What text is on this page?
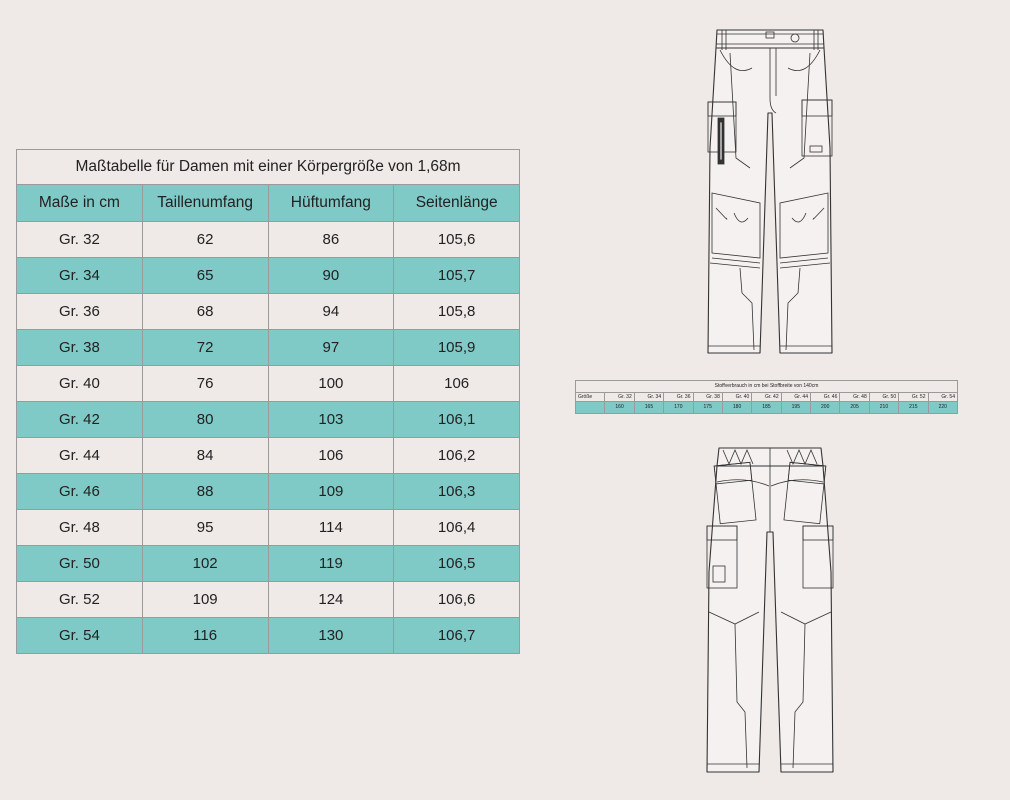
Maßtabelle für Damen mit einer Körpergröße von 1,68m			
Maße in cm	Taillenumfang	Hüftumfang	Seitenlänge
Gr. 32	62	86	105,6
Gr. 34	65	90	105,7
Gr. 36	68	94	105,8
Gr. 38	72	97	105,9
Gr. 40	76	100	106
Gr. 42	80	103	106,1
Gr. 44	84	106	106,2
Gr. 46	88	109	106,3
Gr. 48	95	114	106,4
Gr. 50	102	119	106,5
Gr. 52	109	124	106,6
Gr. 54	116	130	106,7
Stoffverbrauch in cm bei Stoffbreite von 140cm												
Größe	Gr. 32	Gr. 34	Gr. 36	Gr. 38	Gr. 40	Gr. 42	Gr. 44	Gr. 46	Gr. 48	Gr. 50	Gr. 52	Gr. 54
	160	165	170	175	180	185	195	200	205	210	215	220
